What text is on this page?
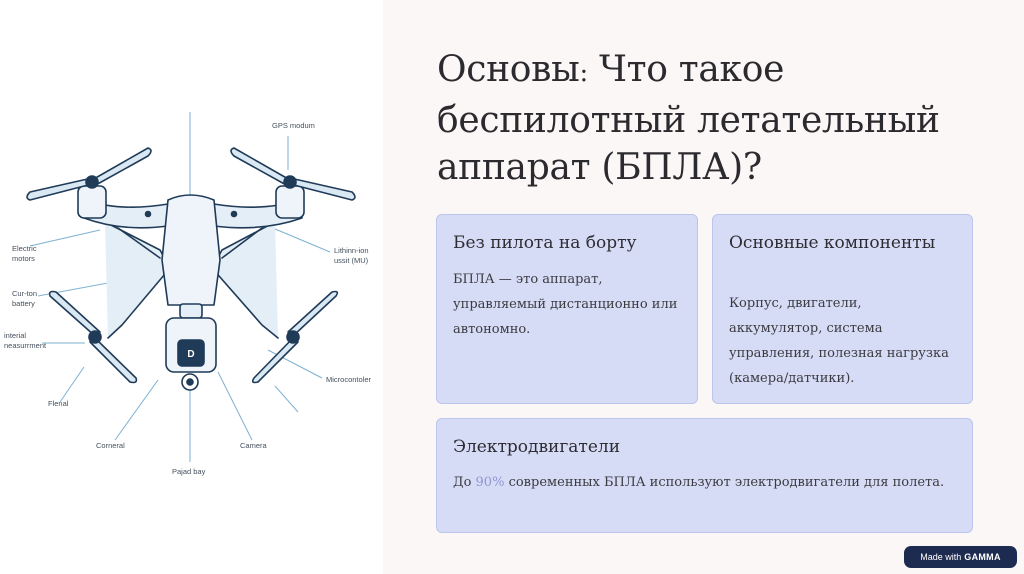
D
GPS modum
Electric
motors
Lithinn-ion
ussit (MU)
Cur-ton
battery
interial
neasurrment
Microcontoler
Flenal
Corneral	Camera
Pajad bay
Основы: Что такое беспилотный летательный аппарат (БПЛА)?
Без пилота на борту

БПЛА — это аппарат, управляемый дистанционно или автономно.

Основные компоненты

Корпус, двигатели, аккумулятор, система управления, полезная нагрузка (камера/датчики).

Электродвигатели

До 90% современных БПЛА используют электродвигатели для полета.

Made with GAMMA
